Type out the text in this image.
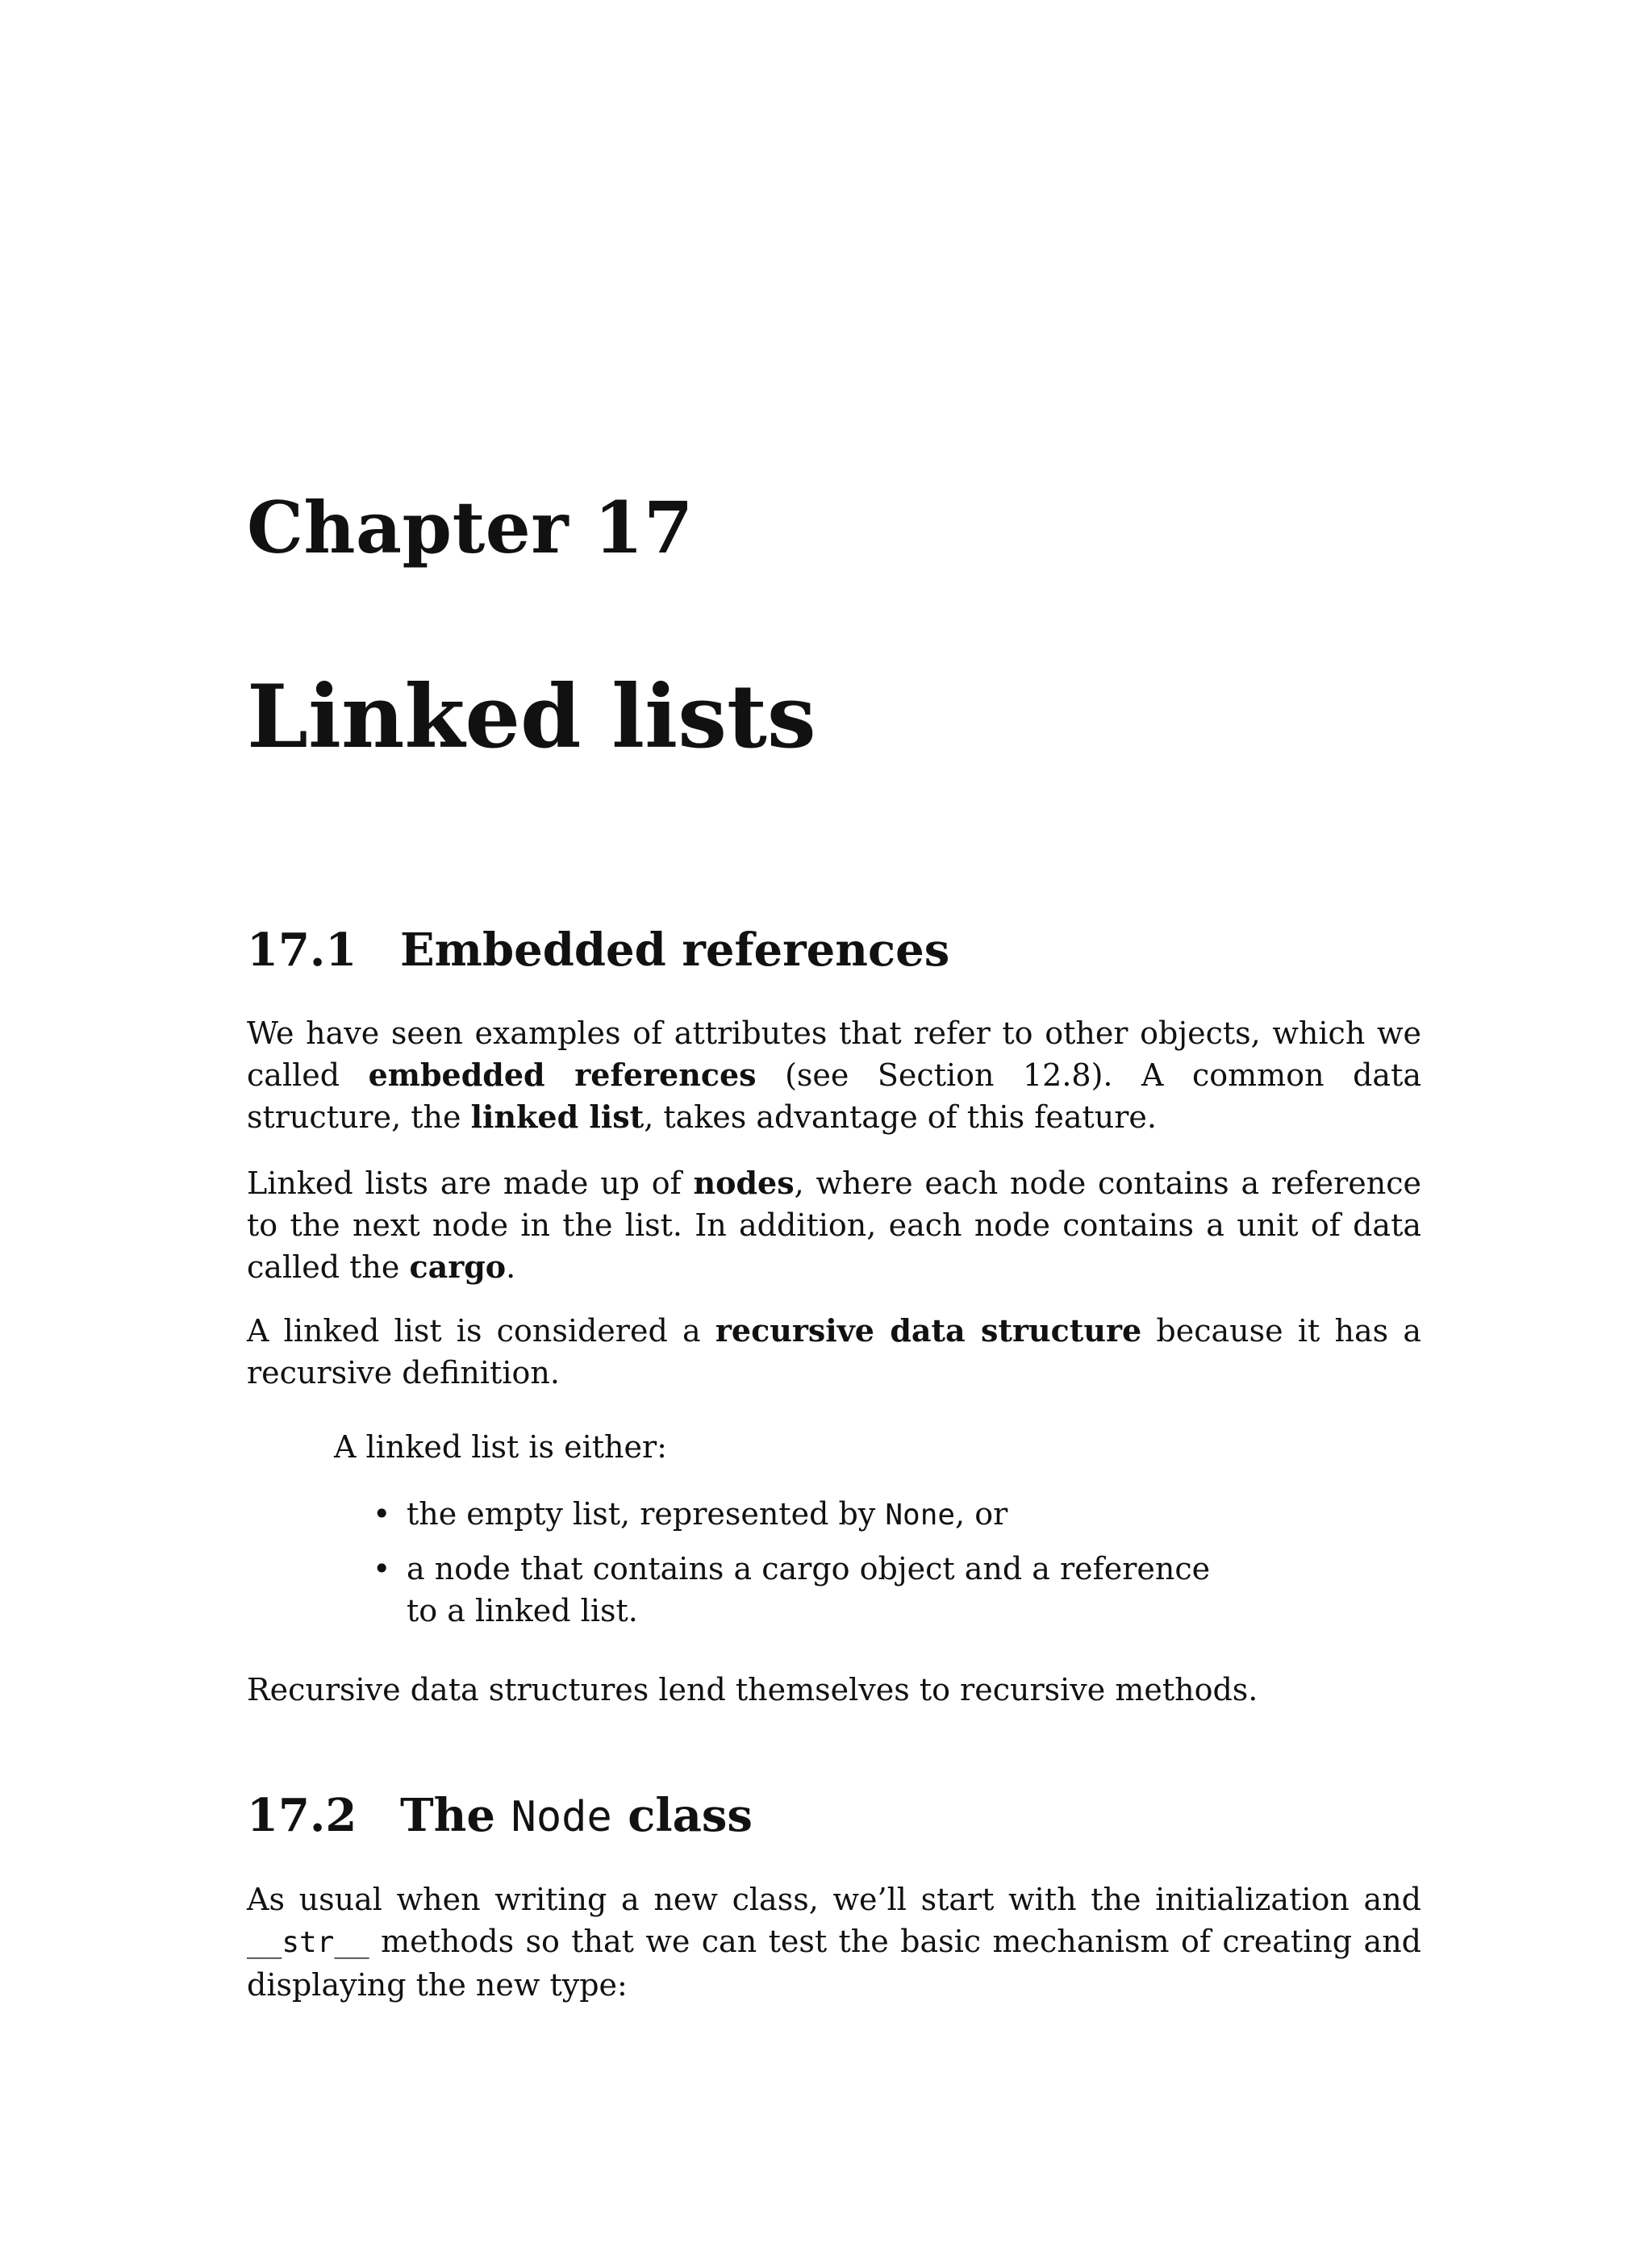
Chapter 17
Linked lists
17.1 Embedded references

We have seen examples of attributes that refer to other objects, which we called embedded references (see Section 12.8). A common data structure, the linked list, takes advantage of this feature.

Linked lists are made up of nodes, where each node contains a reference to the next node in the list. In addition, each node contains a unit of data called the cargo.

A linked list is considered a recursive data structure because it has a recursive definition.

A linked list is either:
• the empty list, represented by None, or
• a node that contains a cargo object and a reference to a linked list.

Recursive data structures lend themselves to recursive methods.

17.2 The Node class

As usual when writing a new class, we’ll start with the initialization and __str__ methods so that we can test the basic mechanism of creating and displaying the new type:
